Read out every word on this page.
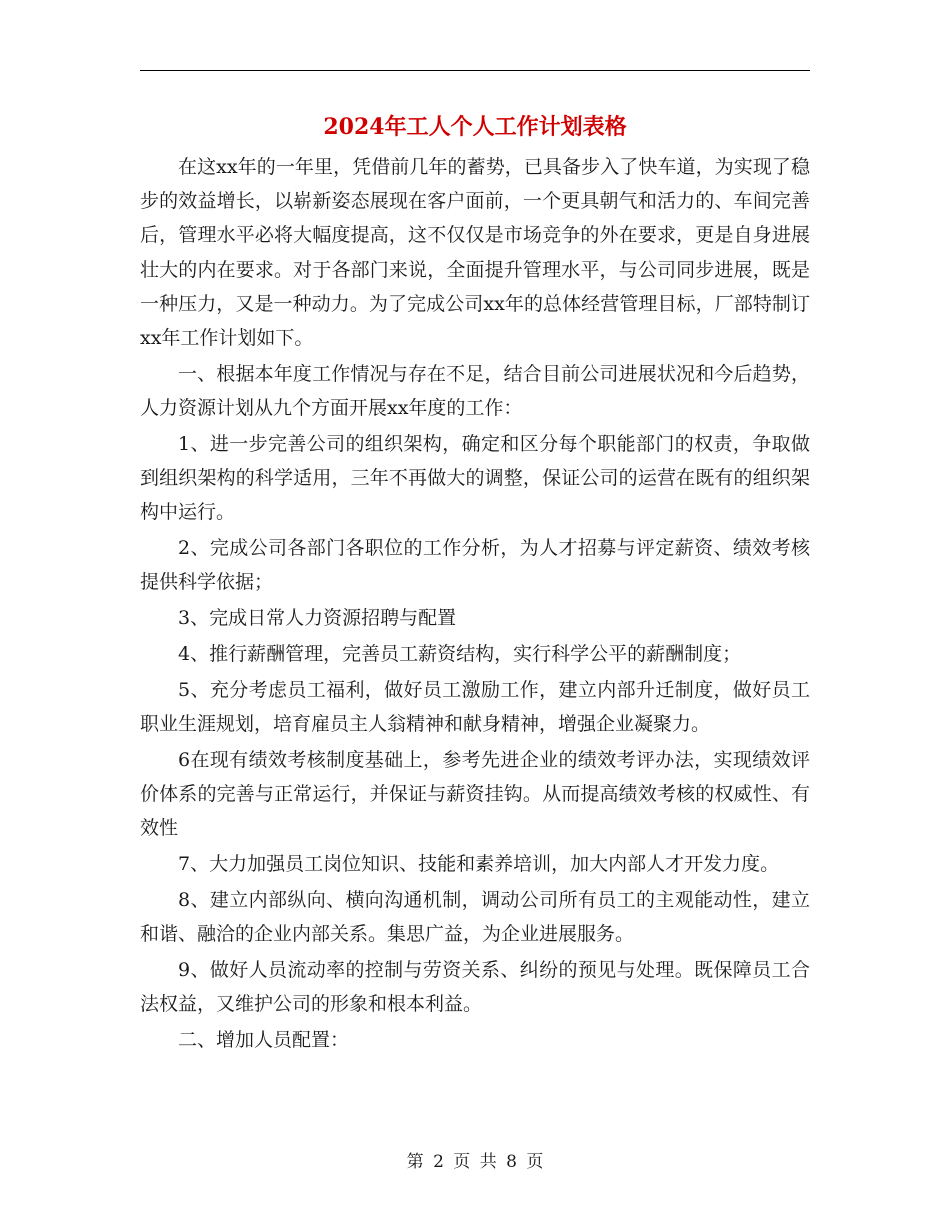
2024年工人个人工作计划表格

在这xx年的一年里，凭借前几年的蓄势，已具备步入了快车道，为实现了稳步的效益增长，以崭新姿态展现在客户面前，一个更具朝气和活力的、车间完善后，管理水平必将大幅度提高，这不仅仅是市场竞争的外在要求，更是自身进展壮大的内在要求。对于各部门来说，全面提升管理水平，与公司同步进展，既是一种压力，又是一种动力。为了完成公司xx年的总体经营管理目标，厂部特制订xx年工作计划如下。

一、根据本年度工作情况与存在不足，结合目前公司进展状况和今后趋势，人力资源计划从九个方面开展xx年度的工作：

1、进一步完善公司的组织架构，确定和区分每个职能部门的权责，争取做到组织架构的科学适用，三年不再做大的调整，保证公司的运营在既有的组织架构中运行。

2、完成公司各部门各职位的工作分析，为人才招募与评定薪资、绩效考核提供科学依据；

3、完成日常人力资源招聘与配置

4、推行薪酬管理，完善员工薪资结构，实行科学公平的薪酬制度；

5、充分考虑员工福利，做好员工激励工作，建立内部升迁制度，做好员工职业生涯规划，培育雇员主人翁精神和献身精神，增强企业凝聚力。

6在现有绩效考核制度基础上，参考先进企业的绩效考评办法，实现绩效评价体系的完善与正常运行，并保证与薪资挂钩。从而提高绩效考核的权威性、有效性

7、大力加强员工岗位知识、技能和素养培训，加大内部人才开发力度。

8、建立内部纵向、横向沟通机制，调动公司所有员工的主观能动性，建立和谐、融洽的企业内部关系。集思广益，为企业进展服务。

9、做好人员流动率的控制与劳资关系、纠纷的预见与处理。既保障员工合法权益，又维护公司的形象和根本利益。

二、增加人员配置：

第 2 页 共 8 页
